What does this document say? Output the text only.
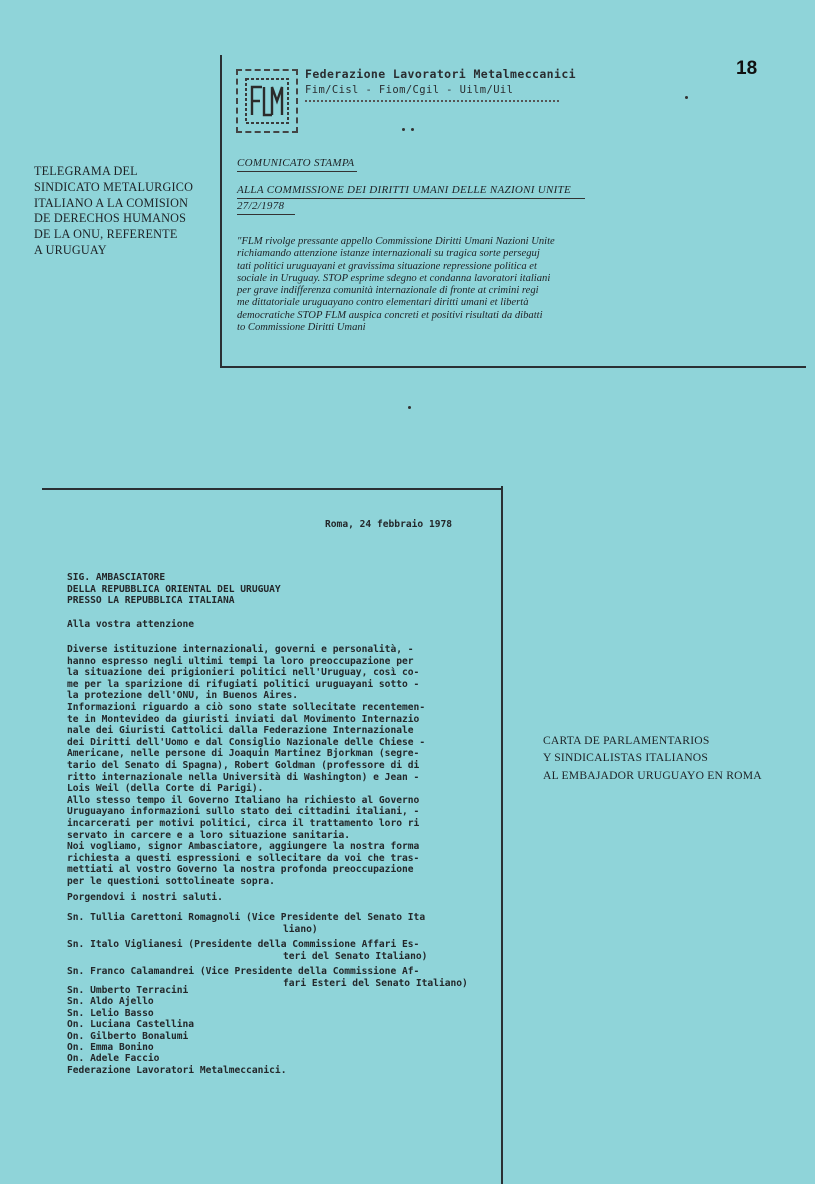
18
TELEGRAMA DEL
SINDICATO METALURGICO
ITALIANO A LA COMISION
DE DERECHOS HUMANOS
DE LA ONU, REFERENTE
A URUGUAY
Federazione Lavoratori Metalmeccanici
Fim/Cisl - Fiom/Cgil - Uilm/Uil
COMUNICATO STAMPA
ALLA COMMISSIONE DEI DIRITTI UMANI DELLE NAZIONI UNITE
27/2/1978
"FLM rivolge pressante appello Commissione Diritti Umani Nazioni Unite
richiamando attenzione istanze internazionali su tragica sorte perseguj
tati politici uruguayani et gravissima situazione repressione politica et
sociale in Uruguay. STOP esprime sdegno et condanna lavoratori italiani
per grave indifferenza comunità internazionale di fronte at crimini regi
me dittatoriale uruguayano contro elementari diritti umani et libertà
democratiche STOP FLM auspica concreti et positivi risultati da dibatti
to Commissione Diritti Umani
Roma, 24 febbraio 1978
SIG. AMBASCIATORE
DELLA REPUBBLICA ORIENTAL DEL URUGUAY
PRESSO LA REPUBBLICA ITALIANA
Alla vostra attenzione
Diverse istituzione internazionali, governi e personalità, -
hanno espresso negli ultimi tempi la loro preoccupazione per
la situazione dei prigionieri politici nell'Uruguay, così co-
me per la sparizione di rifugiati politici uruguayani sotto -
la protezione dell'ONU, in Buenos Aires.
Informazioni riguardo a ciò sono state sollecitate recentemen-
te in Montevideo da giuristi inviati dal Movimento Internazio
nale dei Giuristi Cattolici dalla Federazione Internazionale
dei Diritti dell'Uomo e dal Consiglio Nazionale delle Chiese -
Americane, nelle persone di Joaquin Martinez Bjorkman (segre-
tario del Senato di Spagna), Robert Goldman (professore di di
ritto internazionale nella Università di Washington) e Jean -
Lois Weil (della Corte di Parigi).
Allo stesso tempo il Governo Italiano ha richiesto al Governo
Uruguayano informazioni sullo stato dei cittadini italiani, -
incarcerati per motivi politici, circa il trattamento loro ri
servato in carcere e a loro situazione sanitaria.
Noi vogliamo, signor Ambasciatore, aggiungere la nostra forma
richiesta a questi espressioni e sollecitare da voi che tras-
mettiati al vostro Governo la nostra profonda preoccupazione
per le questioni sottolineate sopra.
Porgendovi i nostri saluti.
Sn. Tullia Carettoni Romagnoli (Vice Presidente del Senato Ita
liano)
Sn. Italo Viglianesi (Presidente della Commissione Affari Es-
teri del Senato Italiano)
Sn. Franco Calamandrei (Vice Presidente della Commissione Af-
fari Esteri del Senato Italiano)
Sn. Umberto Terracini
Sn. Aldo Ajello
Sn. Lelio Basso
On. Luciana Castellina
On. Gilberto Bonalumi
On. Emma Bonino
On. Adele Faccio
Federazione Lavoratori Metalmeccanici.
CARTA DE PARLAMENTARIOS
Y SINDICALISTAS ITALIANOS
AL EMBAJADOR URUGUAYO EN ROMA
